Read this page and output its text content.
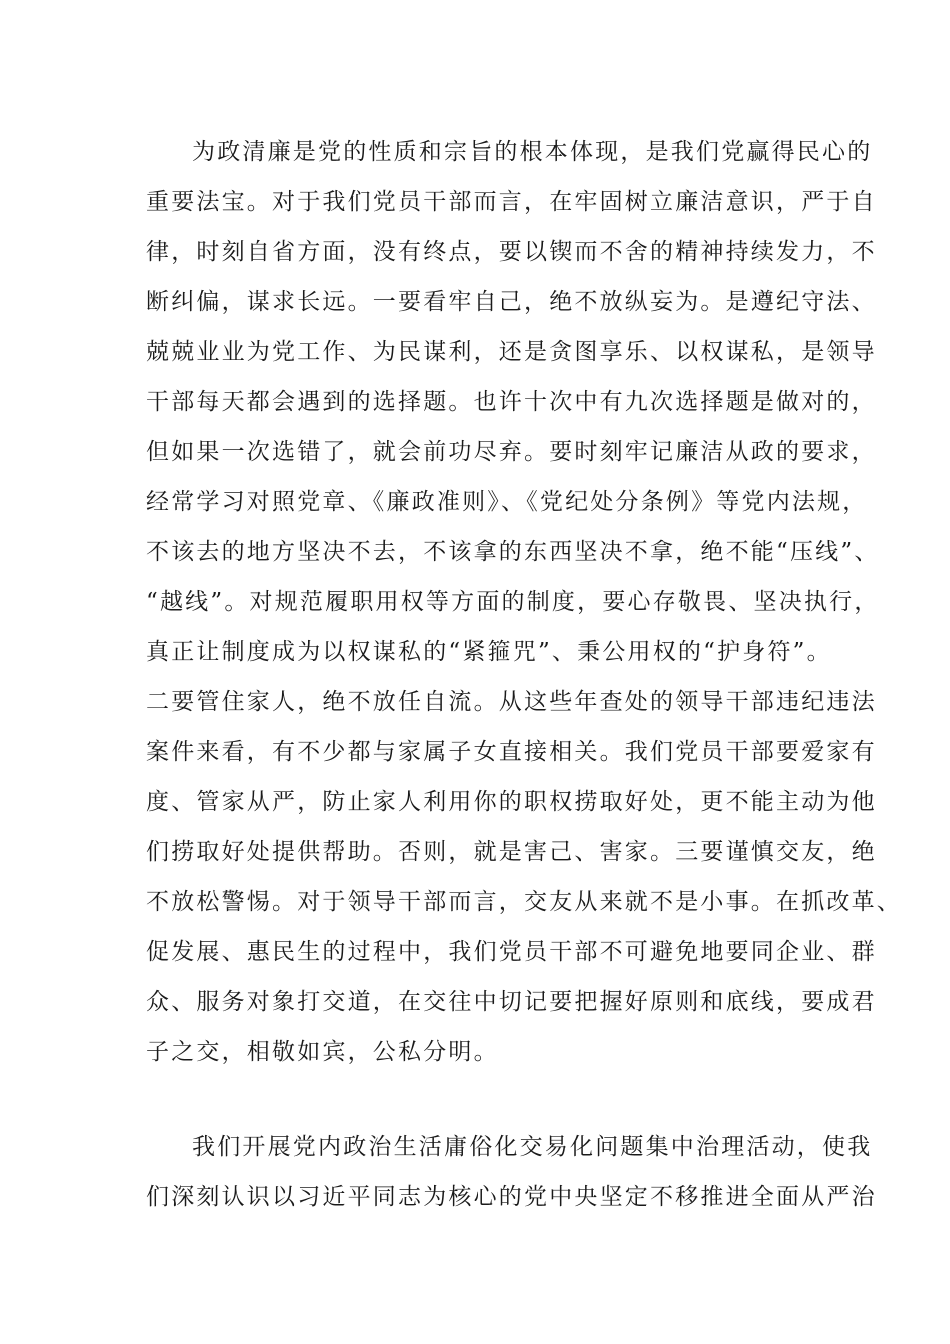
为政清廉是党的性质和宗旨的根本体现，是我们党赢得民心的
重要法宝。对于我们党员干部而言，在牢固树立廉洁意识，严于自
律，时刻自省方面，没有终点，要以锲而不舍的精神持续发力，不
断纠偏，谋求长远。一要看牢自己，绝不放纵妄为。是遵纪守法、
兢兢业业为党工作、为民谋利，还是贪图享乐、以权谋私，是领导
干部每天都会遇到的选择题。也许十次中有九次选择题是做对的，
但如果一次选错了，就会前功尽弃。要时刻牢记廉洁从政的要求，
经常学习对照党章、《廉政准则》、《党纪处分条例》等党内法规，
不该去的地方坚决不去，不该拿的东西坚决不拿，绝不能“压线”、
“越线”。对规范履职用权等方面的制度，要心存敬畏、坚决执行，
真正让制度成为以权谋私的“紧箍咒”、秉公用权的“护身符”。
二要管住家人，绝不放任自流。从这些年查处的领导干部违纪违法
案件来看，有不少都与家属子女直接相关。我们党员干部要爱家有
度、管家从严，防止家人利用你的职权捞取好处，更不能主动为他
们捞取好处提供帮助。否则，就是害己、害家。三要谨慎交友，绝
不放松警惕。对于领导干部而言，交友从来就不是小事。在抓改革、
促发展、惠民生的过程中，我们党员干部不可避免地要同企业、群
众、服务对象打交道，在交往中切记要把握好原则和底线，要成君
子之交，相敬如宾，公私分明。
我们开展党内政治生活庸俗化交易化问题集中治理活动，使我
们深刻认识以习近平同志为核心的党中央坚定不移推进全面从严治
